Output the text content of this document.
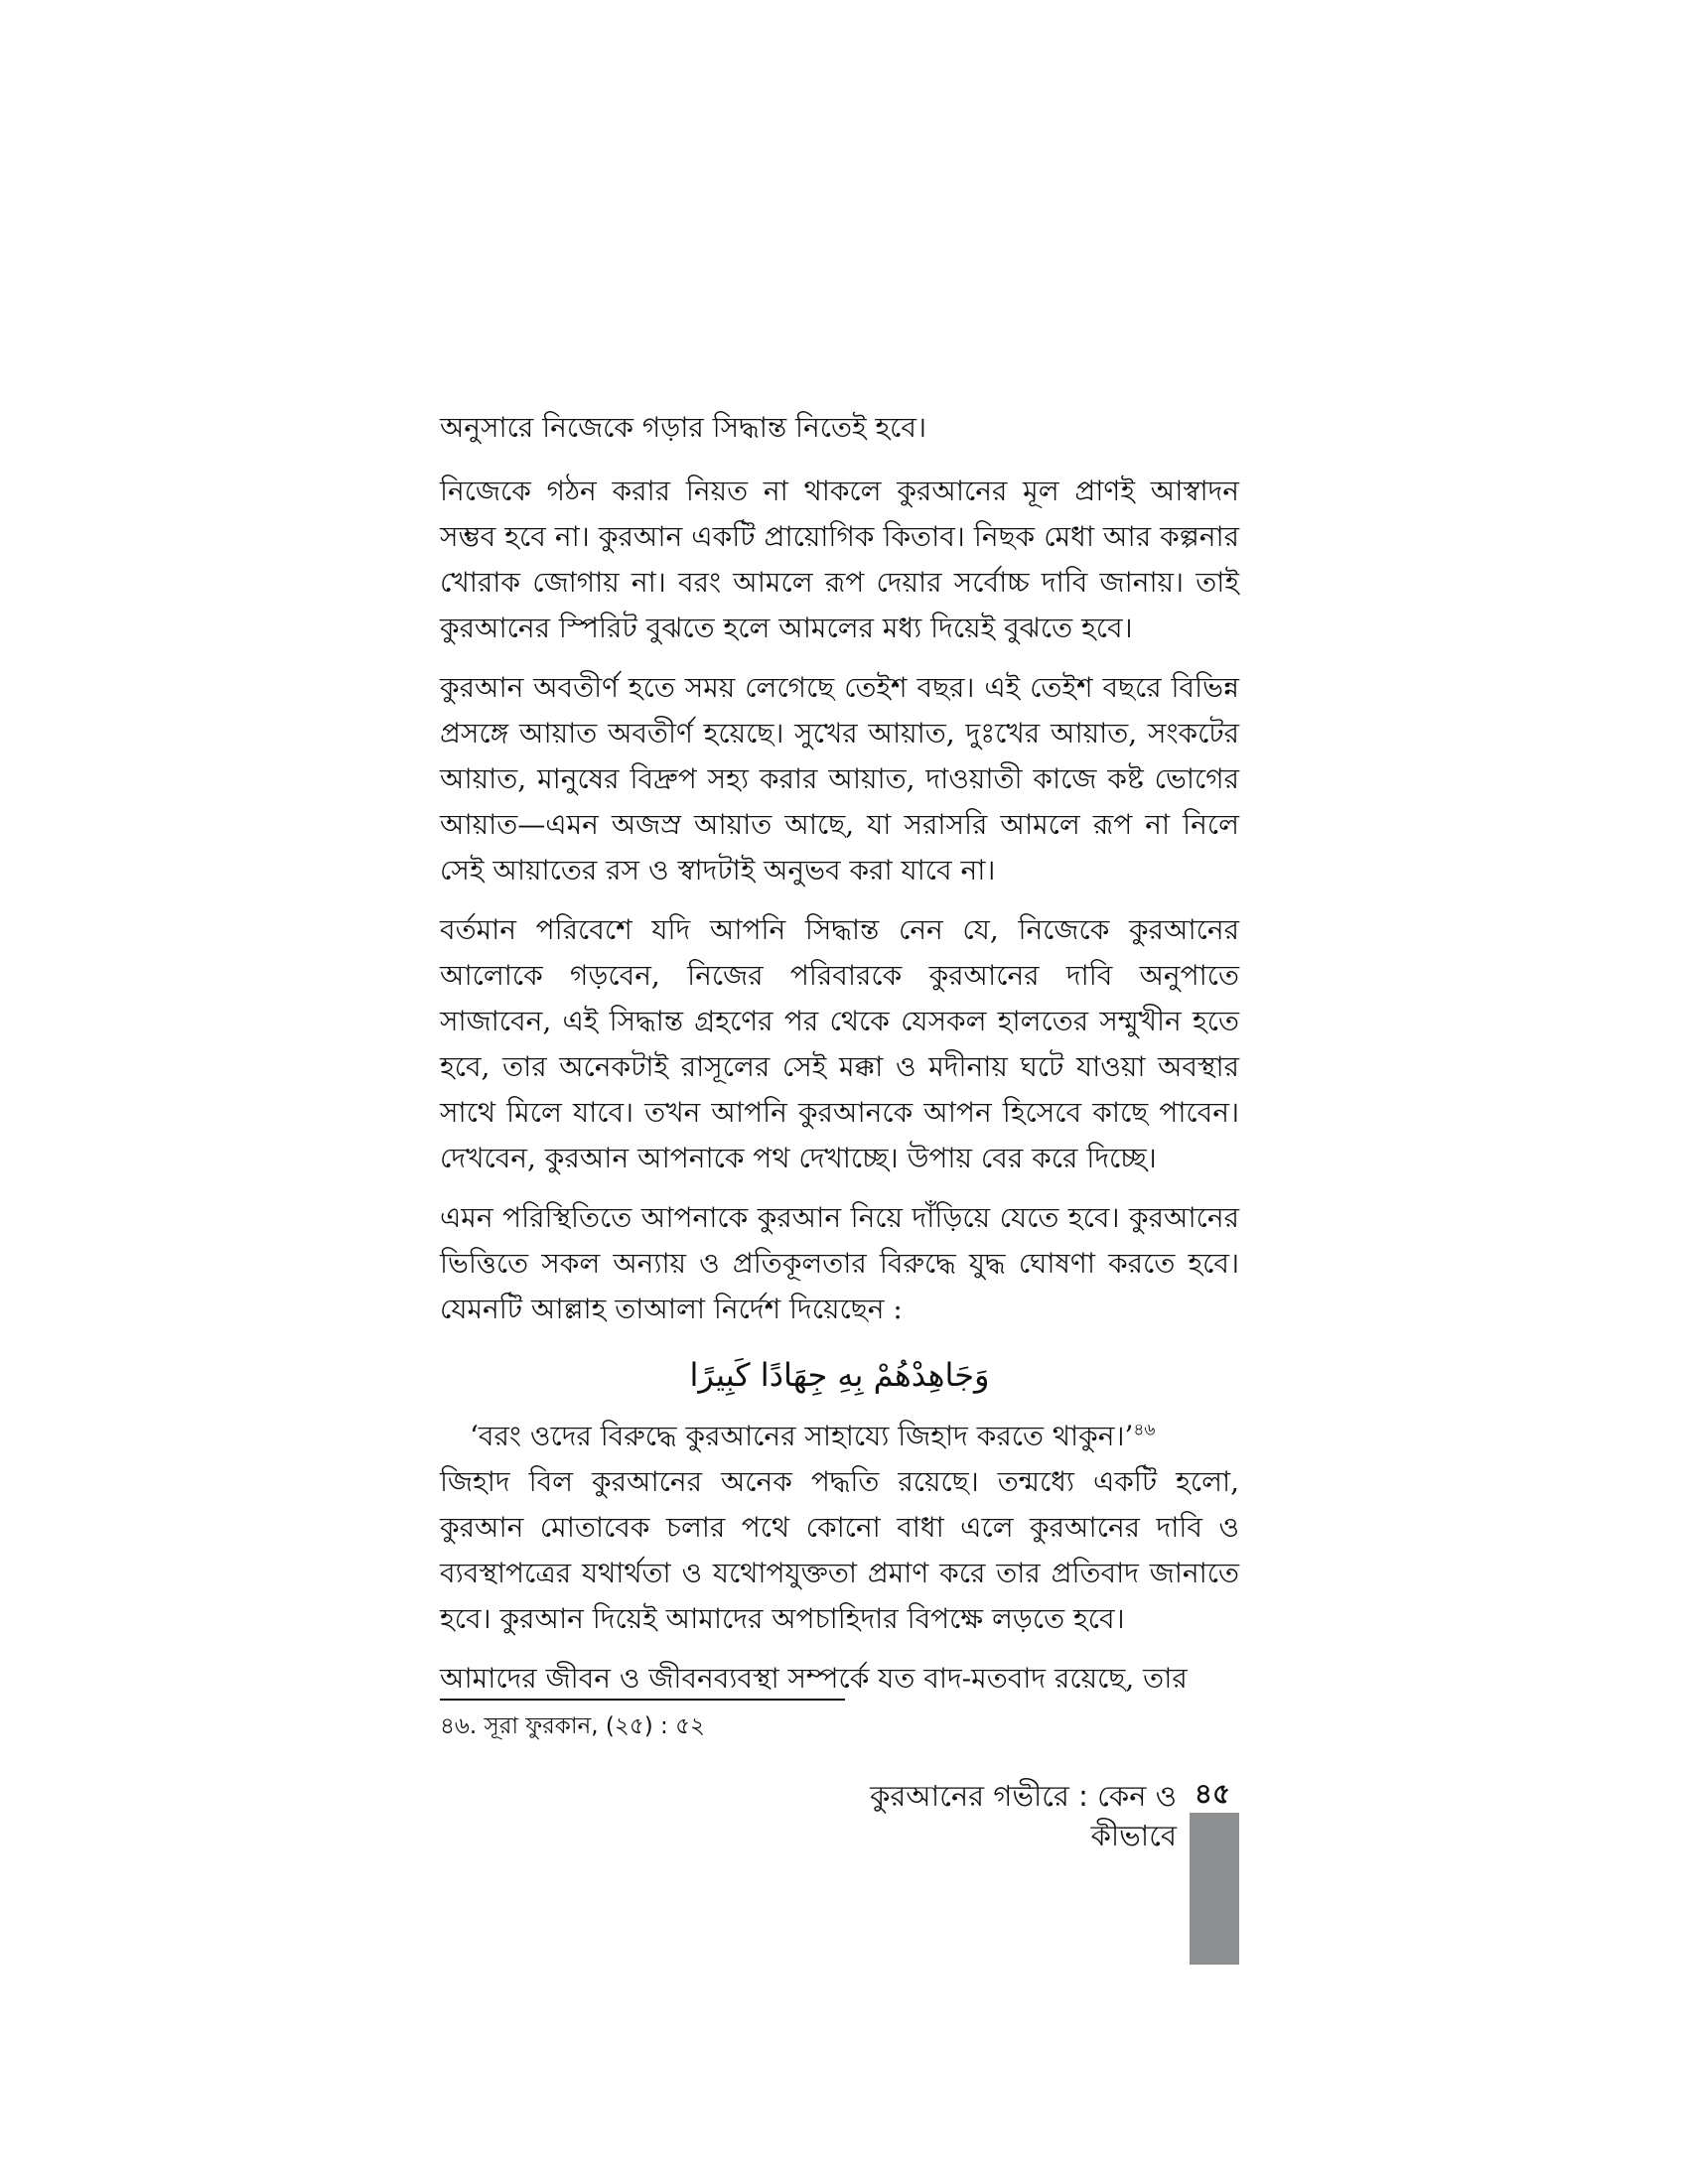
অনুসারে নিজেকে গড়ার সিদ্ধান্ত নিতেই হবে।

নিজেকে গঠন করার নিয়ত না থাকলে কুরআনের মূল প্রাণই আস্বাদন সম্ভব হবে না। কুরআন একটি প্রায়োগিক কিতাব। নিছক মেধা আর কল্পনার খোরাক জোগায় না। বরং আমলে রূপ দেয়ার সর্বোচ্চ দাবি জানায়। তাই কুরআনের স্পিরিট বুঝতে হলে আমলের মধ্য দিয়েই বুঝতে হবে।

কুরআন অবতীর্ণ হতে সময় লেগেছে তেইশ বছর। এই তেইশ বছরে বিভিন্ন প্রসঙ্গে আয়াত অবতীর্ণ হয়েছে। সুখের আয়াত, দুঃখের আয়াত, সংকটের আয়াত, মানুষের বিদ্রুপ সহ্য করার আয়াত, দাওয়াতী কাজে কষ্ট ভোগের আয়াত—এমন অজস্র আয়াত আছে, যা সরাসরি আমলে রূপ না নিলে সেই আয়াতের রস ও স্বাদটাই অনুভব করা যাবে না।

বর্তমান পরিবেশে যদি আপনি সিদ্ধান্ত নেন যে, নিজেকে কুরআনের আলোকে গড়বেন, নিজের পরিবারকে কুরআনের দাবি অনুপাতে সাজাবেন, এই সিদ্ধান্ত গ্রহণের পর থেকে যেসকল হালতের সম্মুখীন হতে হবে, তার অনেকটাই রাসূলের সেই মক্কা ও মদীনায় ঘটে যাওয়া অবস্থার সাথে মিলে যাবে। তখন আপনি কুরআনকে আপন হিসেবে কাছে পাবেন। দেখবেন, কুরআন আপনাকে পথ দেখাচ্ছে। উপায় বের করে দিচ্ছে।

এমন পরিস্থিতিতে আপনাকে কুরআন নিয়ে দাঁড়িয়ে যেতে হবে। কুরআনের ভিত্তিতে সকল অন্যায় ও প্রতিকূলতার বিরুদ্ধে যুদ্ধ ঘোষণা করতে হবে। যেমনটি আল্লাহ তাআলা নির্দেশ দিয়েছেন :

وَجَاهِدْهُمْ بِهِ جِهَادًا كَبِيرًا

‘বরং ওদের বিরুদ্ধে কুরআনের সাহায্যে জিহাদ করতে থাকুন।’$^{৪৬}$

জিহাদ বিল কুরআনের অনেক পদ্ধতি রয়েছে। তন্মধ্যে একটি হলো, কুরআন মোতাবেক চলার পথে কোনো বাধা এলে কুরআনের দাবি ও ব্যবস্থাপত্রের যথার্থতা ও যথোপযুক্ততা প্রমাণ করে তার প্রতিবাদ জানাতে হবে। কুরআন দিয়েই আমাদের অপচাহিদার বিপক্ষে লড়তে হবে।

আমাদের জীবন ও জীবনব্যবস্থা সম্পর্কে যত বাদ-মতবাদ রয়েছে, তার

৪৬. সূরা ফুরকান, (২৫) : ৫২
কুরআনের গভীরে : কেন ও কীভাবে
৪৫
